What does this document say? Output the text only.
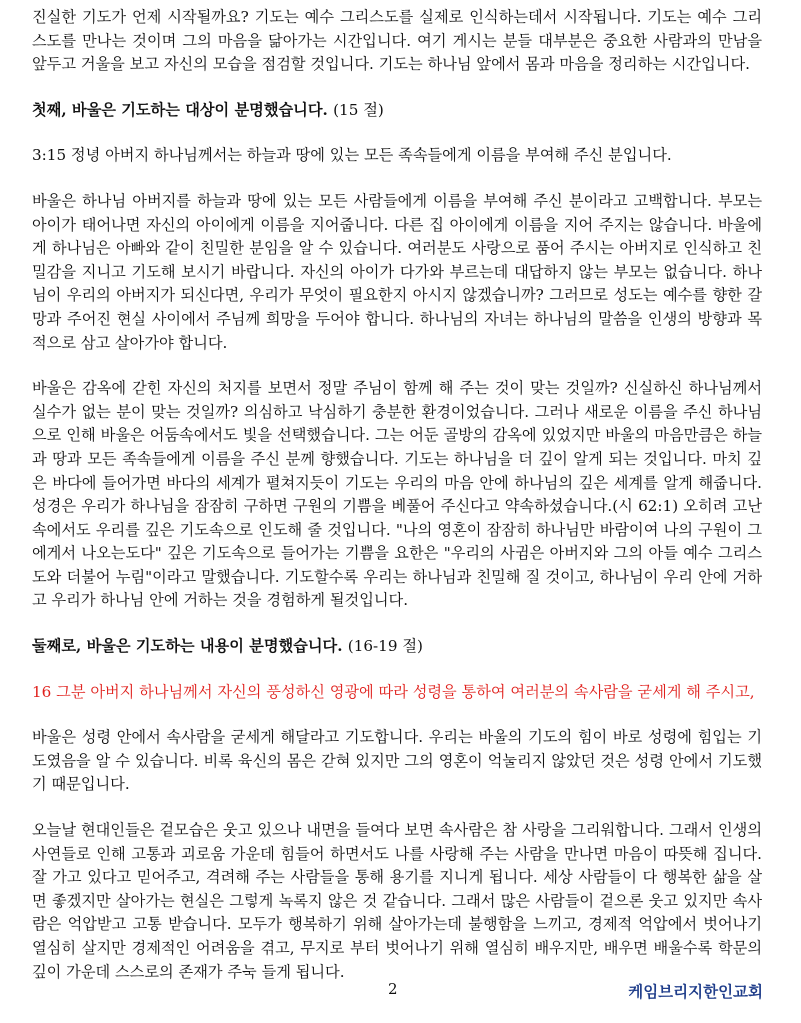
진실한 기도가 언제 시작될까요? 기도는 예수 그리스도를 실제로 인식하는데서 시작됩니다. 기도는 예수 그리스도를 만나는 것이며 그의 마음을 닮아가는 시간입니다. 여기 게시는 분들 대부분은 중요한 사람과의 만남을 앞두고 거울을 보고 자신의 모습을 점검할 것입니다. 기도는 하나님 앞에서 몸과 마음을 정리하는 시간입니다.

첫째, 바울은 기도하는 대상이 분명했습니다. (15 절)

3:15 정녕 아버지 하나님께서는 하늘과 땅에 있는 모든 족속들에게 이름을 부여해 주신 분입니다.

바울은 하나님 아버지를 하늘과 땅에 있는 모든 사람들에게 이름을 부여해 주신 분이라고 고백합니다. 부모는 아이가 태어나면 자신의 아이에게 이름을 지어줍니다. 다른 집 아이에게 이름을 지어 주지는 않습니다. 바울에게 하나님은 아빠와 같이 친밀한 분임을 알 수 있습니다. 여러분도 사랑으로 품어 주시는 아버지로 인식하고 친밀감을 지니고 기도해 보시기 바랍니다. 자신의 아이가 다가와 부르는데 대답하지 않는 부모는 없습니다. 하나님이 우리의 아버지가 되신다면, 우리가 무엇이 필요한지 아시지 않겠습니까? 그러므로 성도는 예수를 향한 갈망과 주어진 현실 사이에서 주님께 희망을 두어야 합니다. 하나님의 자녀는 하나님의 말씀을 인생의 방향과 목적으로 삼고 살아가야 합니다.

바울은 감옥에 갇힌 자신의 처지를 보면서 정말 주님이 함께 해 주는 것이 맞는 것일까? 신실하신 하나님께서 실수가 없는 분이 맞는 것일까? 의심하고 낙심하기 충분한 환경이었습니다. 그러나 새로운 이름을 주신 하나님으로 인해 바울은 어둠속에서도 빛을 선택했습니다. 그는 어둔 골방의 감옥에 있었지만 바울의 마음만큼은 하늘과 땅과 모든 족속들에게 이름을 주신 분께 향했습니다. 기도는 하나님을 더 깊이 알게 되는 것입니다. 마치 깊은 바다에 들어가면 바다의 세계가 펼쳐지듯이 기도는 우리의 마음 안에 하나님의 깊은 세계를 알게 해줍니다. 성경은 우리가 하나님을 잠잠히 구하면 구원의 기쁨을 베풀어 주신다고 약속하셨습니다.(시 62:1) 오히려 고난속에서도 우리를 깊은 기도속으로 인도해 줄 것입니다. "나의 영혼이 잠잠히 하나님만 바람이여 나의 구원이 그에게서 나오는도다" 깊은 기도속으로 들어가는 기쁨을 요한은 "우리의 사귐은 아버지와 그의 아들 예수 그리스도와 더불어 누림"이라고 말했습니다. 기도할수록 우리는 하나님과 친밀해 질 것이고, 하나님이 우리 안에 거하고 우리가 하나님 안에 거하는 것을 경험하게 될것입니다.

둘째로, 바울은 기도하는 내용이 분명했습니다. (16-19 절)

16 그분 아버지 하나님께서 자신의 풍성하신 영광에 따라 성령을 통하여 여러분의 속사람을 굳세게 해 주시고,

바울은 성령 안에서 속사람을 굳세게 해달라고 기도합니다. 우리는 바울의 기도의 힘이 바로 성령에 힘입는 기도였음을 알 수 있습니다. 비록 육신의 몸은 갇혀 있지만 그의 영혼이 억눌리지 않았던 것은 성령 안에서 기도했기 때문입니다.

오늘날 현대인들은 겉모습은 웃고 있으나 내면을 들여다 보면 속사람은 참 사랑을 그리워합니다. 그래서 인생의 사연들로 인해 고통과 괴로움 가운데 힘들어 하면서도 나를 사랑해 주는 사람을 만나면 마음이 따뜻해 집니다. 잘 가고 있다고 믿어주고, 격려해 주는 사람들을 통해 용기를 지니게 됩니다. 세상 사람들이 다 행복한 삶을 살면 좋겠지만 살아가는 현실은 그렇게 녹록지 않은 것 같습니다. 그래서 많은 사람들이 겉으론 웃고 있지만 속사람은 억압받고 고통 받습니다. 모두가 행복하기 위해 살아가는데 불행함을 느끼고, 경제적 억압에서 벗어나기 열심히 살지만 경제적인 어려움을 겪고, 무지로 부터 벗어나기 위해 열심히 배우지만, 배우면 배울수록 학문의 깊이 가운데 스스로의 존재가 주눅 들게 됩니다.

2	케임브리지한인교회
